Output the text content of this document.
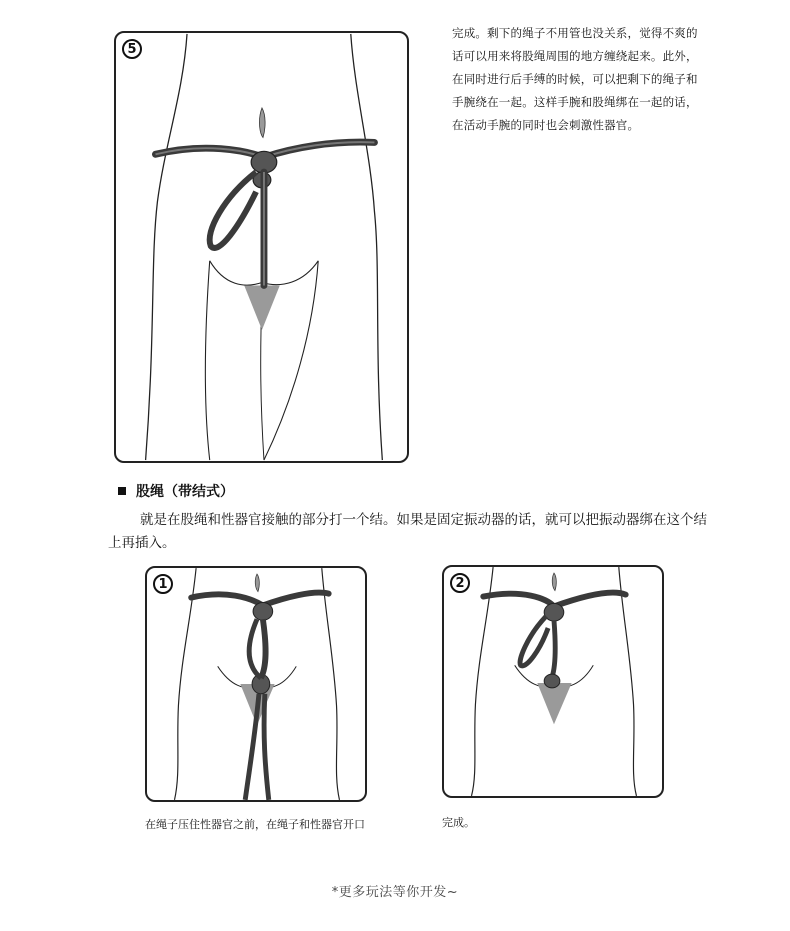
5
完成。剩下的绳子不用管也没关系，觉得不爽的话可以用来将股绳周围的地方缠绕起来。此外，在同时进行后手缚的时候，可以把剩下的绳子和手腕绕在一起。这样手腕和股绳绑在一起的话，在活动手腕的同时也会刺激性器官。
股绳（带结式）
就是在股绳和性器官接触的部分打一个结。如果是固定振动器的话，就可以把振动器绑在这个结上再插入。
1	2
在绳子压住性器官之前，在绳子和性器官开口	完成。
*更多玩法等你开发~
